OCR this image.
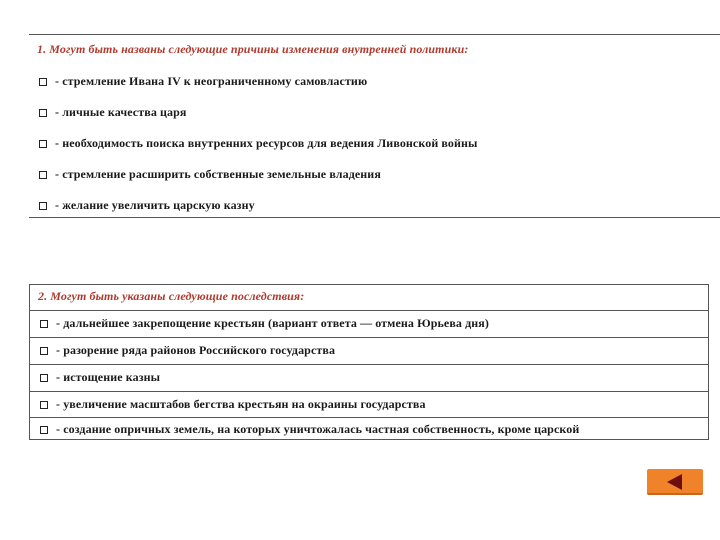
1. Могут быть названы следующие причины изменения внутренней политики:
- стремление Ивана IV к неограниченному самовластию
- личные качества царя
- необходимость поиска внутренних ресурсов для ведения Ливонской войны
- стремление расширить собственные земельные владения
- желание увеличить царскую казну
2. Могут быть указаны следующие последствия:
- дальнейшее закрепощение крестьян (вариант ответа — отмена Юрьева дня)
- разорение ряда районов Российского государства
- истощение казны
- увеличение масштабов бегства крестьян на окраины государства
- создание опричных земель, на которых уничтожалась частная собственность, кроме царской
